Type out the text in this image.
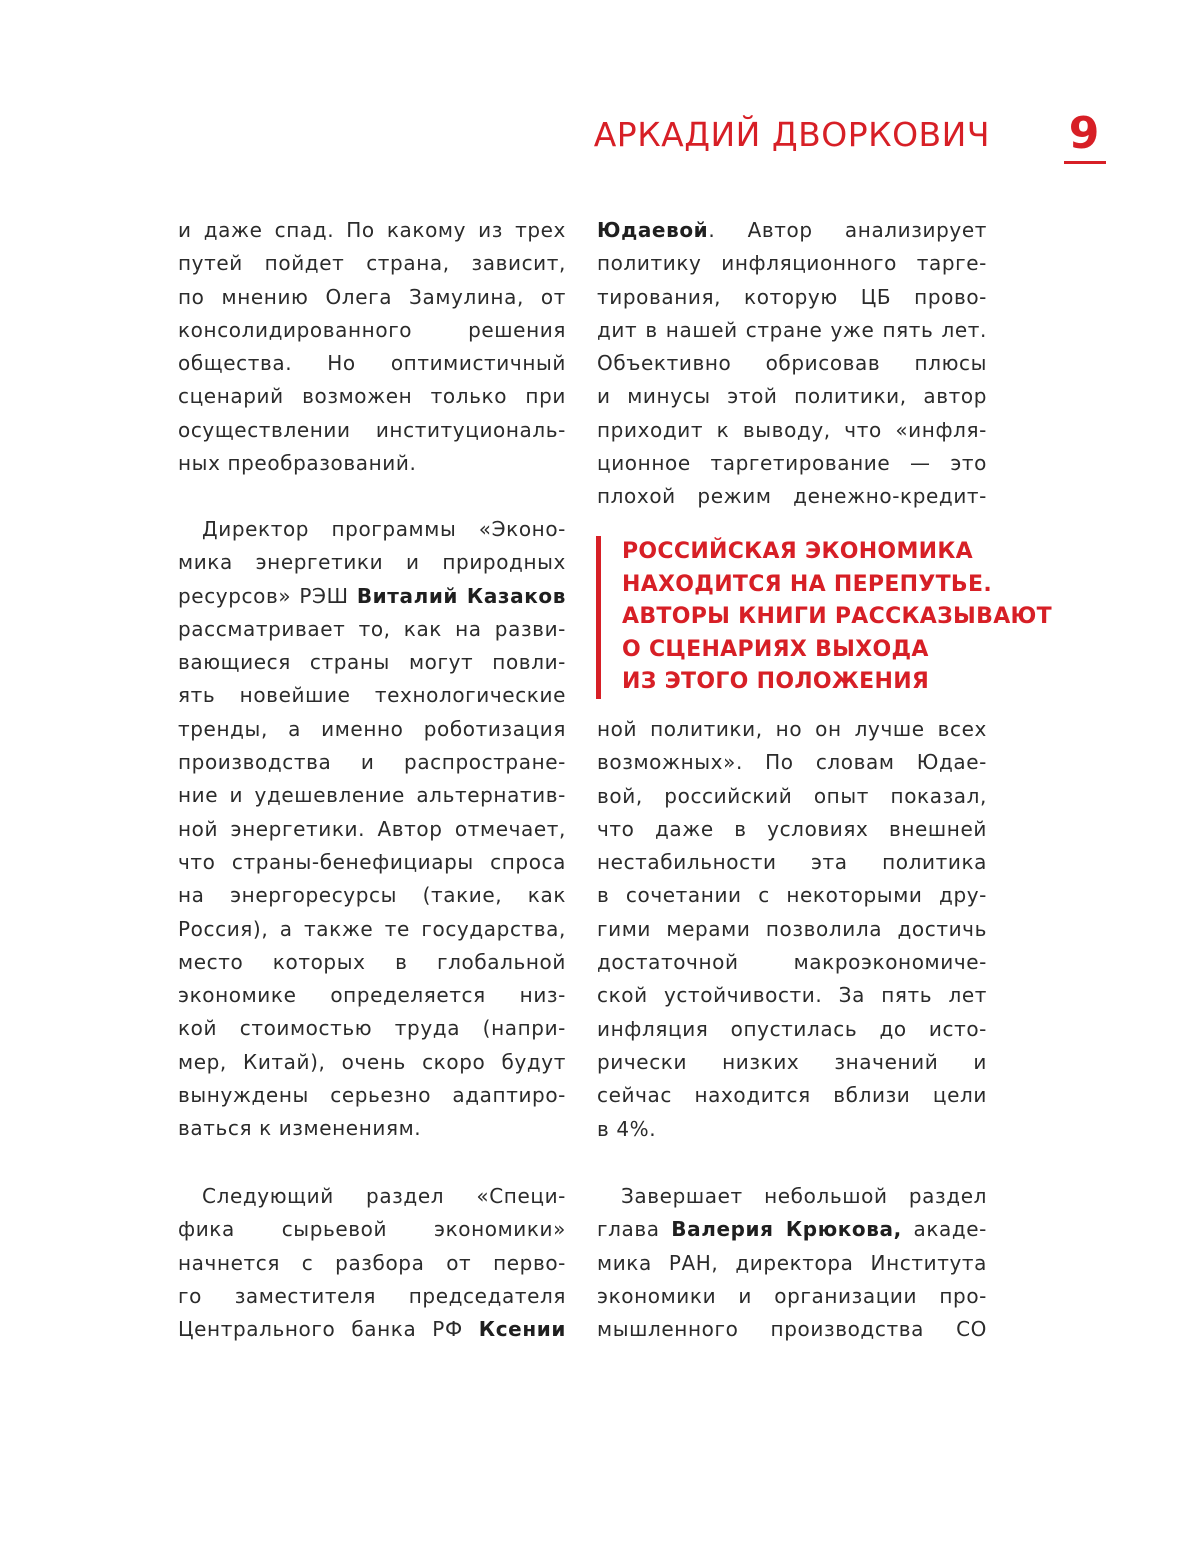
АРКАДИЙ ДВОРКОВИЧ 9
и даже спад. По какому из трех
путей пойдет страна, зависит,
по мнению Олега Замулина, от
консолидированного решения
общества. Но оптимистичный
сценарий возможен только при
осуществлении институциональ-
ных преобразований.
Директор программы «Эконо-
мика энергетики и природных
ресурсов» РЭШ Виталий Казаков
рассматривает то, как на разви-
вающиеся страны могут повли-
ять новейшие технологические
тренды, а именно роботизация
производства и распростране-
ние и удешевление альтернатив-
ной энергетики. Автор отмечает,
что страны-бенефициары спроса
на энергоресурсы (такие, как
Россия), а также те государства,
место которых в глобальной
экономике определяется низ-
кой стоимостью труда (напри-
мер, Китай), очень скоро будут
вынуждены серьезно адаптиро-
ваться к изменениям.
Следующий раздел «Специ-
фика сырьевой экономики»
начнется с разбора от перво-
го заместителя председателя
Центрального банка РФ Ксении
Юдаевой. Автор анализирует
политику инфляционного тарге-
тирования, которую ЦБ прово-
дит в нашей стране уже пять лет.
Объективно обрисовав плюсы
и минусы этой политики, автор
приходит к выводу, что «инфля-
ционное таргетирование — это
плохой режим денежно-кредит-
РОССИЙСКАЯ ЭКОНОМИКА
НАХОДИТСЯ НА ПЕРЕПУТЬЕ.
АВТОРЫ КНИГИ РАССКАЗЫВАЮТ
О СЦЕНАРИЯХ ВЫХОДА
ИЗ ЭТОГО ПОЛОЖЕНИЯ
ной политики, но он лучше всех
возможных». По словам Юдае-
вой, российский опыт показал,
что даже в условиях внешней
нестабильности эта политика
в сочетании с некоторыми дру-
гими мерами позволила достичь
достаточной макроэкономиче-
ской устойчивости. За пять лет
инфляция опустилась до исто-
рически низких значений и
сейчас находится вблизи цели
в 4%.
Завершает небольшой раздел
глава Валерия Крюкова, акаде-
мика РАН, директора Института
экономики и организации про-
мышленного производства СО
